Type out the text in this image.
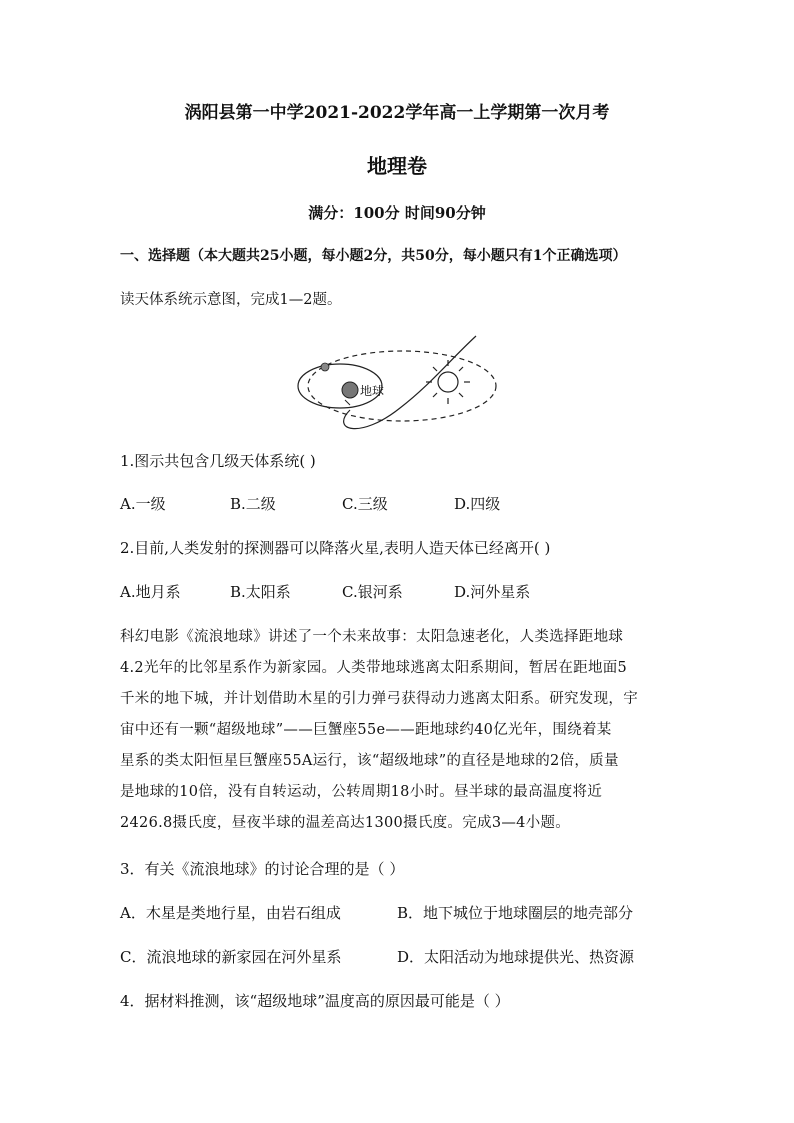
涡阳县第一中学2021-2022学年高一上学期第一次月考
地理卷
满分：100分 时间90分钟
一、选择题（本大题共25小题，每小题2分，共50分，每小题只有1个正确选项）
读天体系统示意图，完成1—2题。
地球
1.图示共包含几级天体系统( )
A.一级	B.二级	C.三级	D.四级
2.目前,人类发射的探测器可以降落火星,表明人造天体已经离开( )
A.地月系	B.太阳系	C.银河系	D.河外星系
科幻电影《流浪地球》讲述了一个未来故事：太阳急速老化，人类选择距地球
4.2光年的比邻星系作为新家园。人类带地球逃离太阳系期间，暂居在距地面5
千米的地下城，并计划借助木星的引力弹弓获得动力逃离太阳系。研究发现，宇
宙中还有一颗“超级地球”——巨蟹座55e——距地球约40亿光年，围绕着某
星系的类太阳恒星巨蟹座55A运行，该“超级地球”的直径是地球的2倍，质量
是地球的10倍，没有自转运动，公转周期18小时。昼半球的最高温度将近
2426.8摄氏度，昼夜半球的温差高达1300摄氏度。完成3—4小题。
3．有关《流浪地球》的讨论合理的是（ ）
A．木星是类地行星，由岩石组成	B．地下城位于地球圈层的地壳部分
C．流浪地球的新家园在河外星系	D．太阳活动为地球提供光、热资源
4．据材料推测，该“超级地球”温度高的原因最可能是（ ）
